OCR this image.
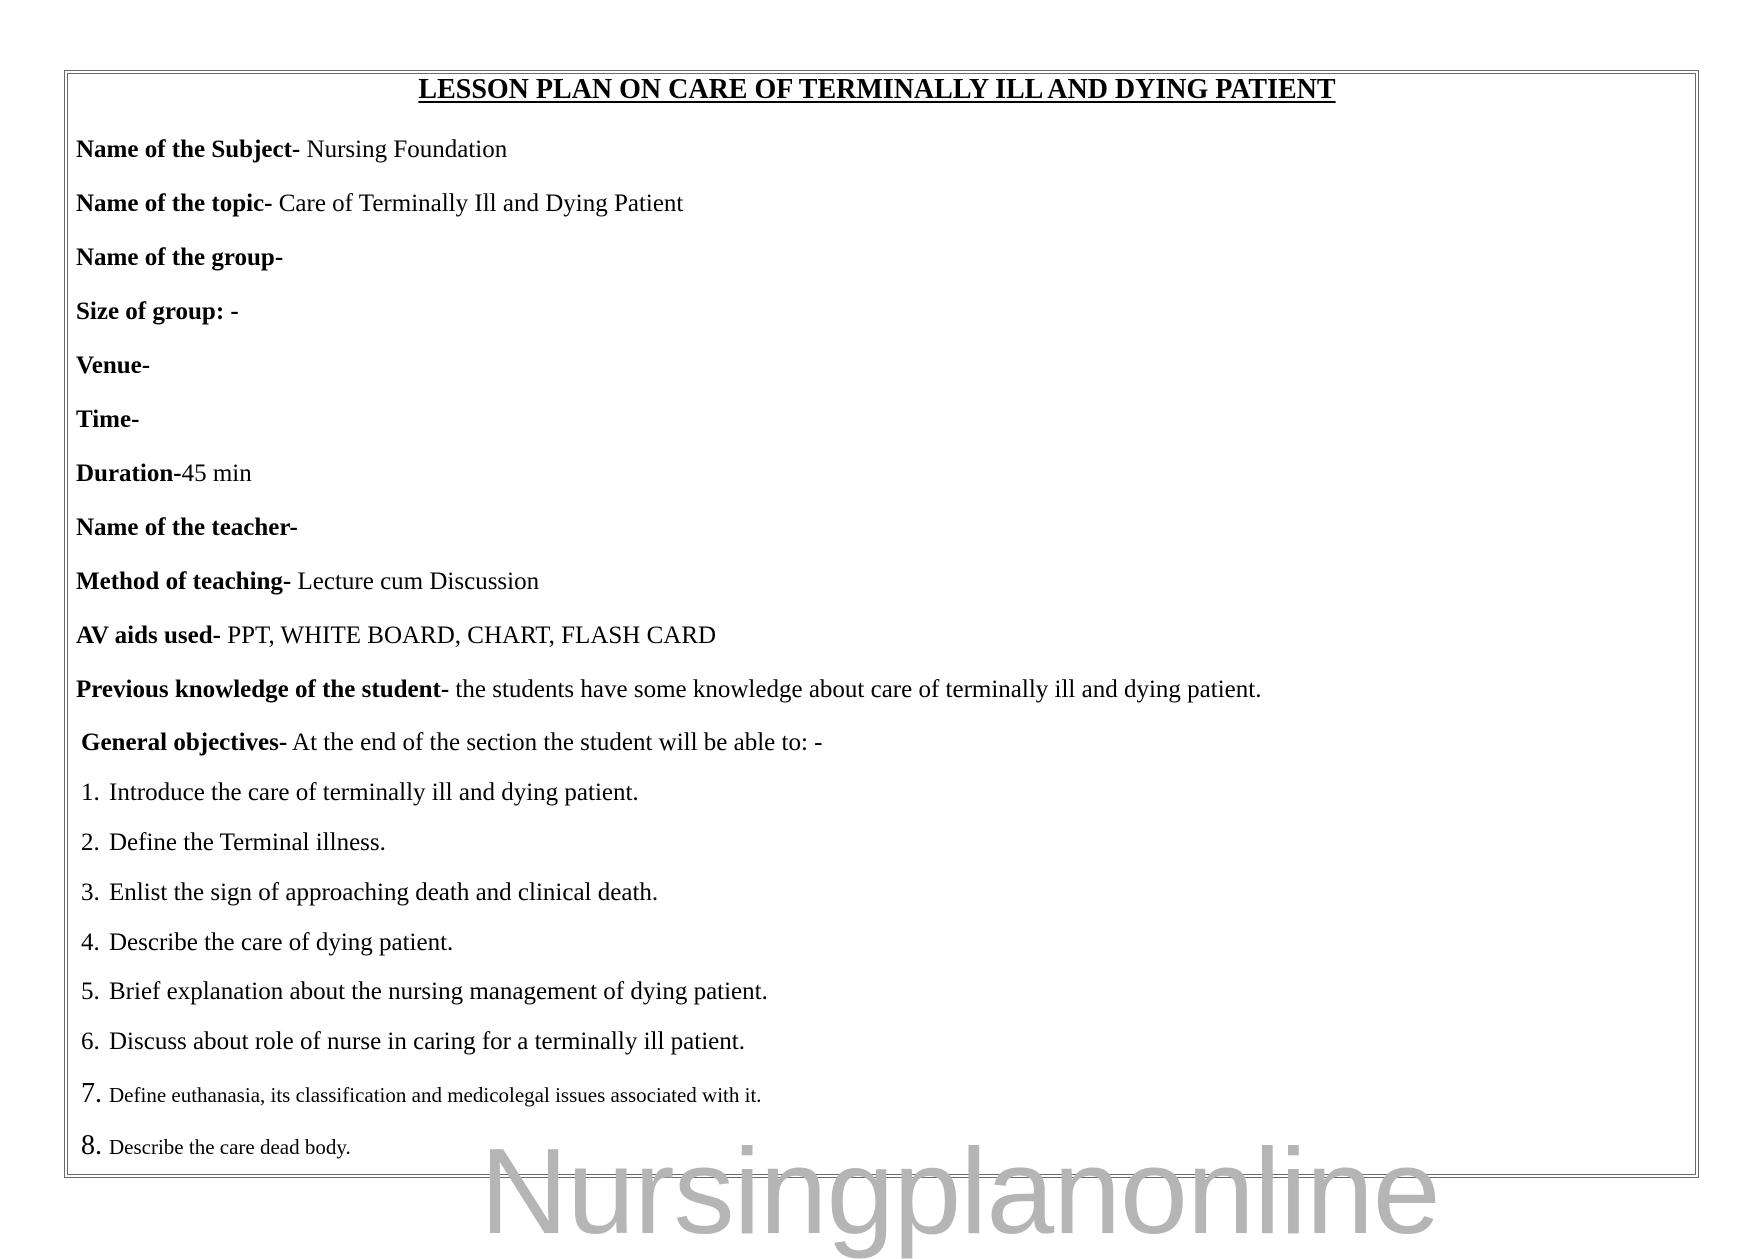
LESSON PLAN ON CARE OF TERMINALLY ILL AND DYING PATIENT

Name of the Subject- Nursing Foundation

Name of the topic- Care of Terminally Ill and Dying Patient

Name of the group-

Size of group: -

Venue-

Time-

Duration-45 min

Name of the teacher-

Method of teaching- Lecture cum Discussion

AV aids used- PPT, WHITE BOARD, CHART, FLASH CARD

Previous knowledge of the student- the students have some knowledge about care of terminally ill and dying patient.

General objectives- At the end of the section the student will be able to: -

1. Introduce the care of terminally ill and dying patient.

2. Define the Terminal illness.

3. Enlist the sign of approaching death and clinical death.

4. Describe the care of dying patient.

5. Brief explanation about the nursing management of dying patient.

6. Discuss about role of nurse in caring for a terminally ill patient.

7. Define euthanasia, its classification and medicolegal issues associated with it.

8. Describe the care dead body. Nursingplanonline
